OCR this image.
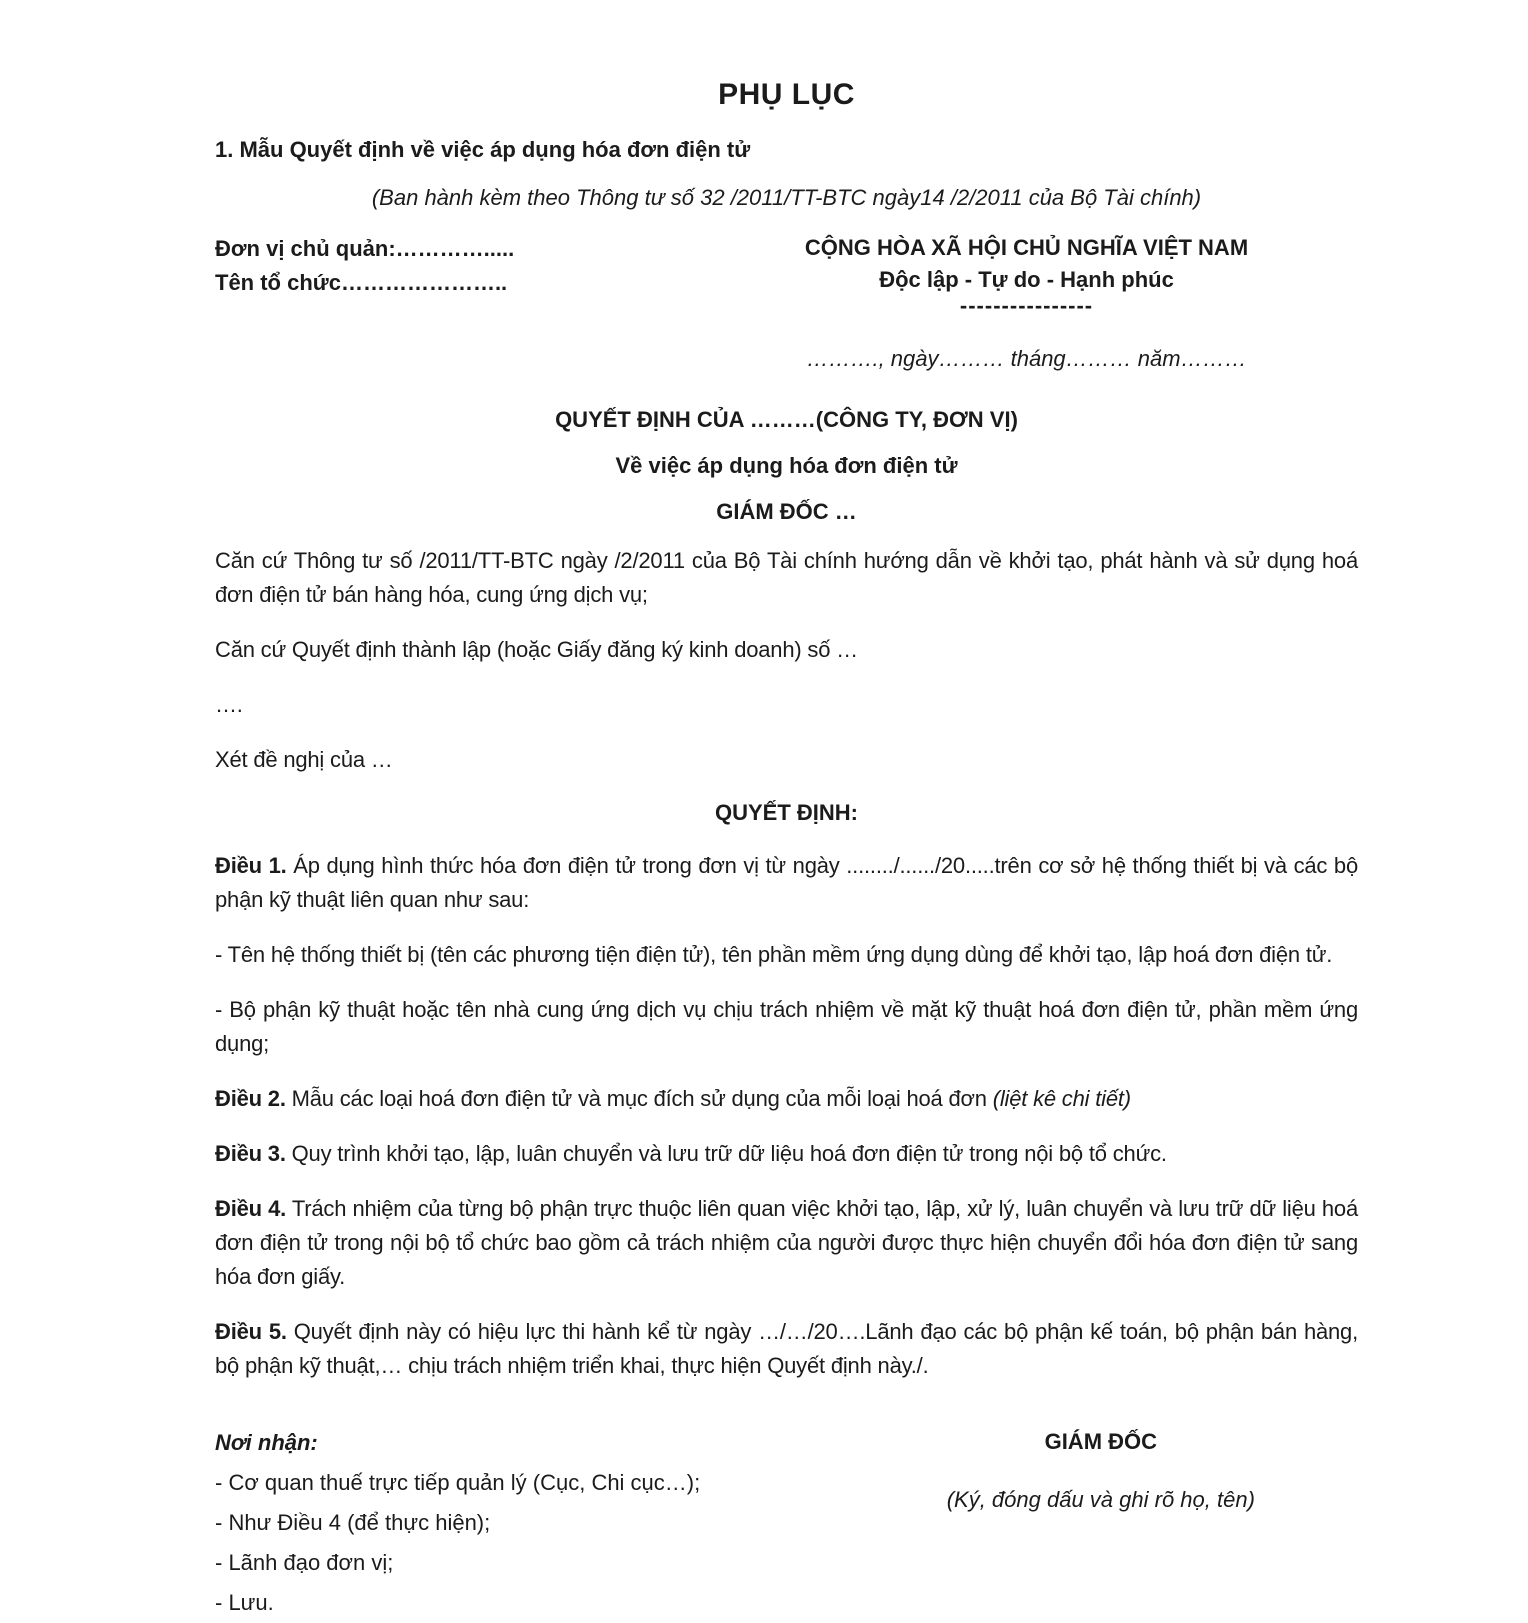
PHỤ LỤC
1. Mẫu Quyết định về việc áp dụng hóa đơn điện tử
(Ban hành kèm theo Thông tư số 32 /2011/TT-BTC ngày14 /2/2011 của Bộ Tài chính)
Đơn vị chủ quản:………….....
Tên tổ chức…………………..
CỘNG HÒA XÃ HỘI CHỦ NGHĨA VIỆT NAM
Độc lập - Tự do - Hạnh phúc
----------------
………., ngày……… tháng……… năm………
QUYẾT ĐỊNH CỦA ………(CÔNG TY, ĐƠN VỊ)
Về việc áp dụng hóa đơn điện tử
GIÁM ĐỐC …

Căn cứ Thông tư số /2011/TT-BTC ngày /2/2011 của Bộ Tài chính hướng dẫn về khởi tạo, phát hành và sử dụng hoá đơn điện tử bán hàng hóa, cung ứng dịch vụ;

Căn cứ Quyết định thành lập (hoặc Giấy đăng ký kinh doanh) số …

….

Xét đề nghị của …

QUYẾT ĐỊNH:

Điều 1. Áp dụng hình thức hóa đơn điện tử trong đơn vị từ ngày ......../....../20.....trên cơ sở hệ thống thiết bị và các bộ phận kỹ thuật liên quan như sau:

- Tên hệ thống thiết bị (tên các phương tiện điện tử), tên phần mềm ứng dụng dùng để khởi tạo, lập hoá đơn điện tử.

- Bộ phận kỹ thuật hoặc tên nhà cung ứng dịch vụ chịu trách nhiệm về mặt kỹ thuật hoá đơn điện tử, phần mềm ứng dụng;

Điều 2. Mẫu các loại hoá đơn điện tử và mục đích sử dụng của mỗi loại hoá đơn (liệt kê chi tiết)

Điều 3. Quy trình khởi tạo, lập, luân chuyển và lưu trữ dữ liệu hoá đơn điện tử trong nội bộ tổ chức.

Điều 4. Trách nhiệm của từng bộ phận trực thuộc liên quan việc khởi tạo, lập, xử lý, luân chuyển và lưu trữ dữ liệu hoá đơn điện tử trong nội bộ tổ chức bao gồm cả trách nhiệm của người được thực hiện chuyển đổi hóa đơn điện tử sang hóa đơn giấy.

Điều 5. Quyết định này có hiệu lực thi hành kể từ ngày …/…/20….Lãnh đạo các bộ phận kế toán, bộ phận bán hàng, bộ phận kỹ thuật,… chịu trách nhiệm triển khai, thực hiện Quyết định này./.

Nơi nhận:
- Cơ quan thuế trực tiếp quản lý (Cục, Chi cục…);
- Như Điều 4 (để thực hiện);
- Lãnh đạo đơn vị;
- Lưu.
GIÁM ĐỐC
(Ký, đóng dấu và ghi rõ họ, tên)
